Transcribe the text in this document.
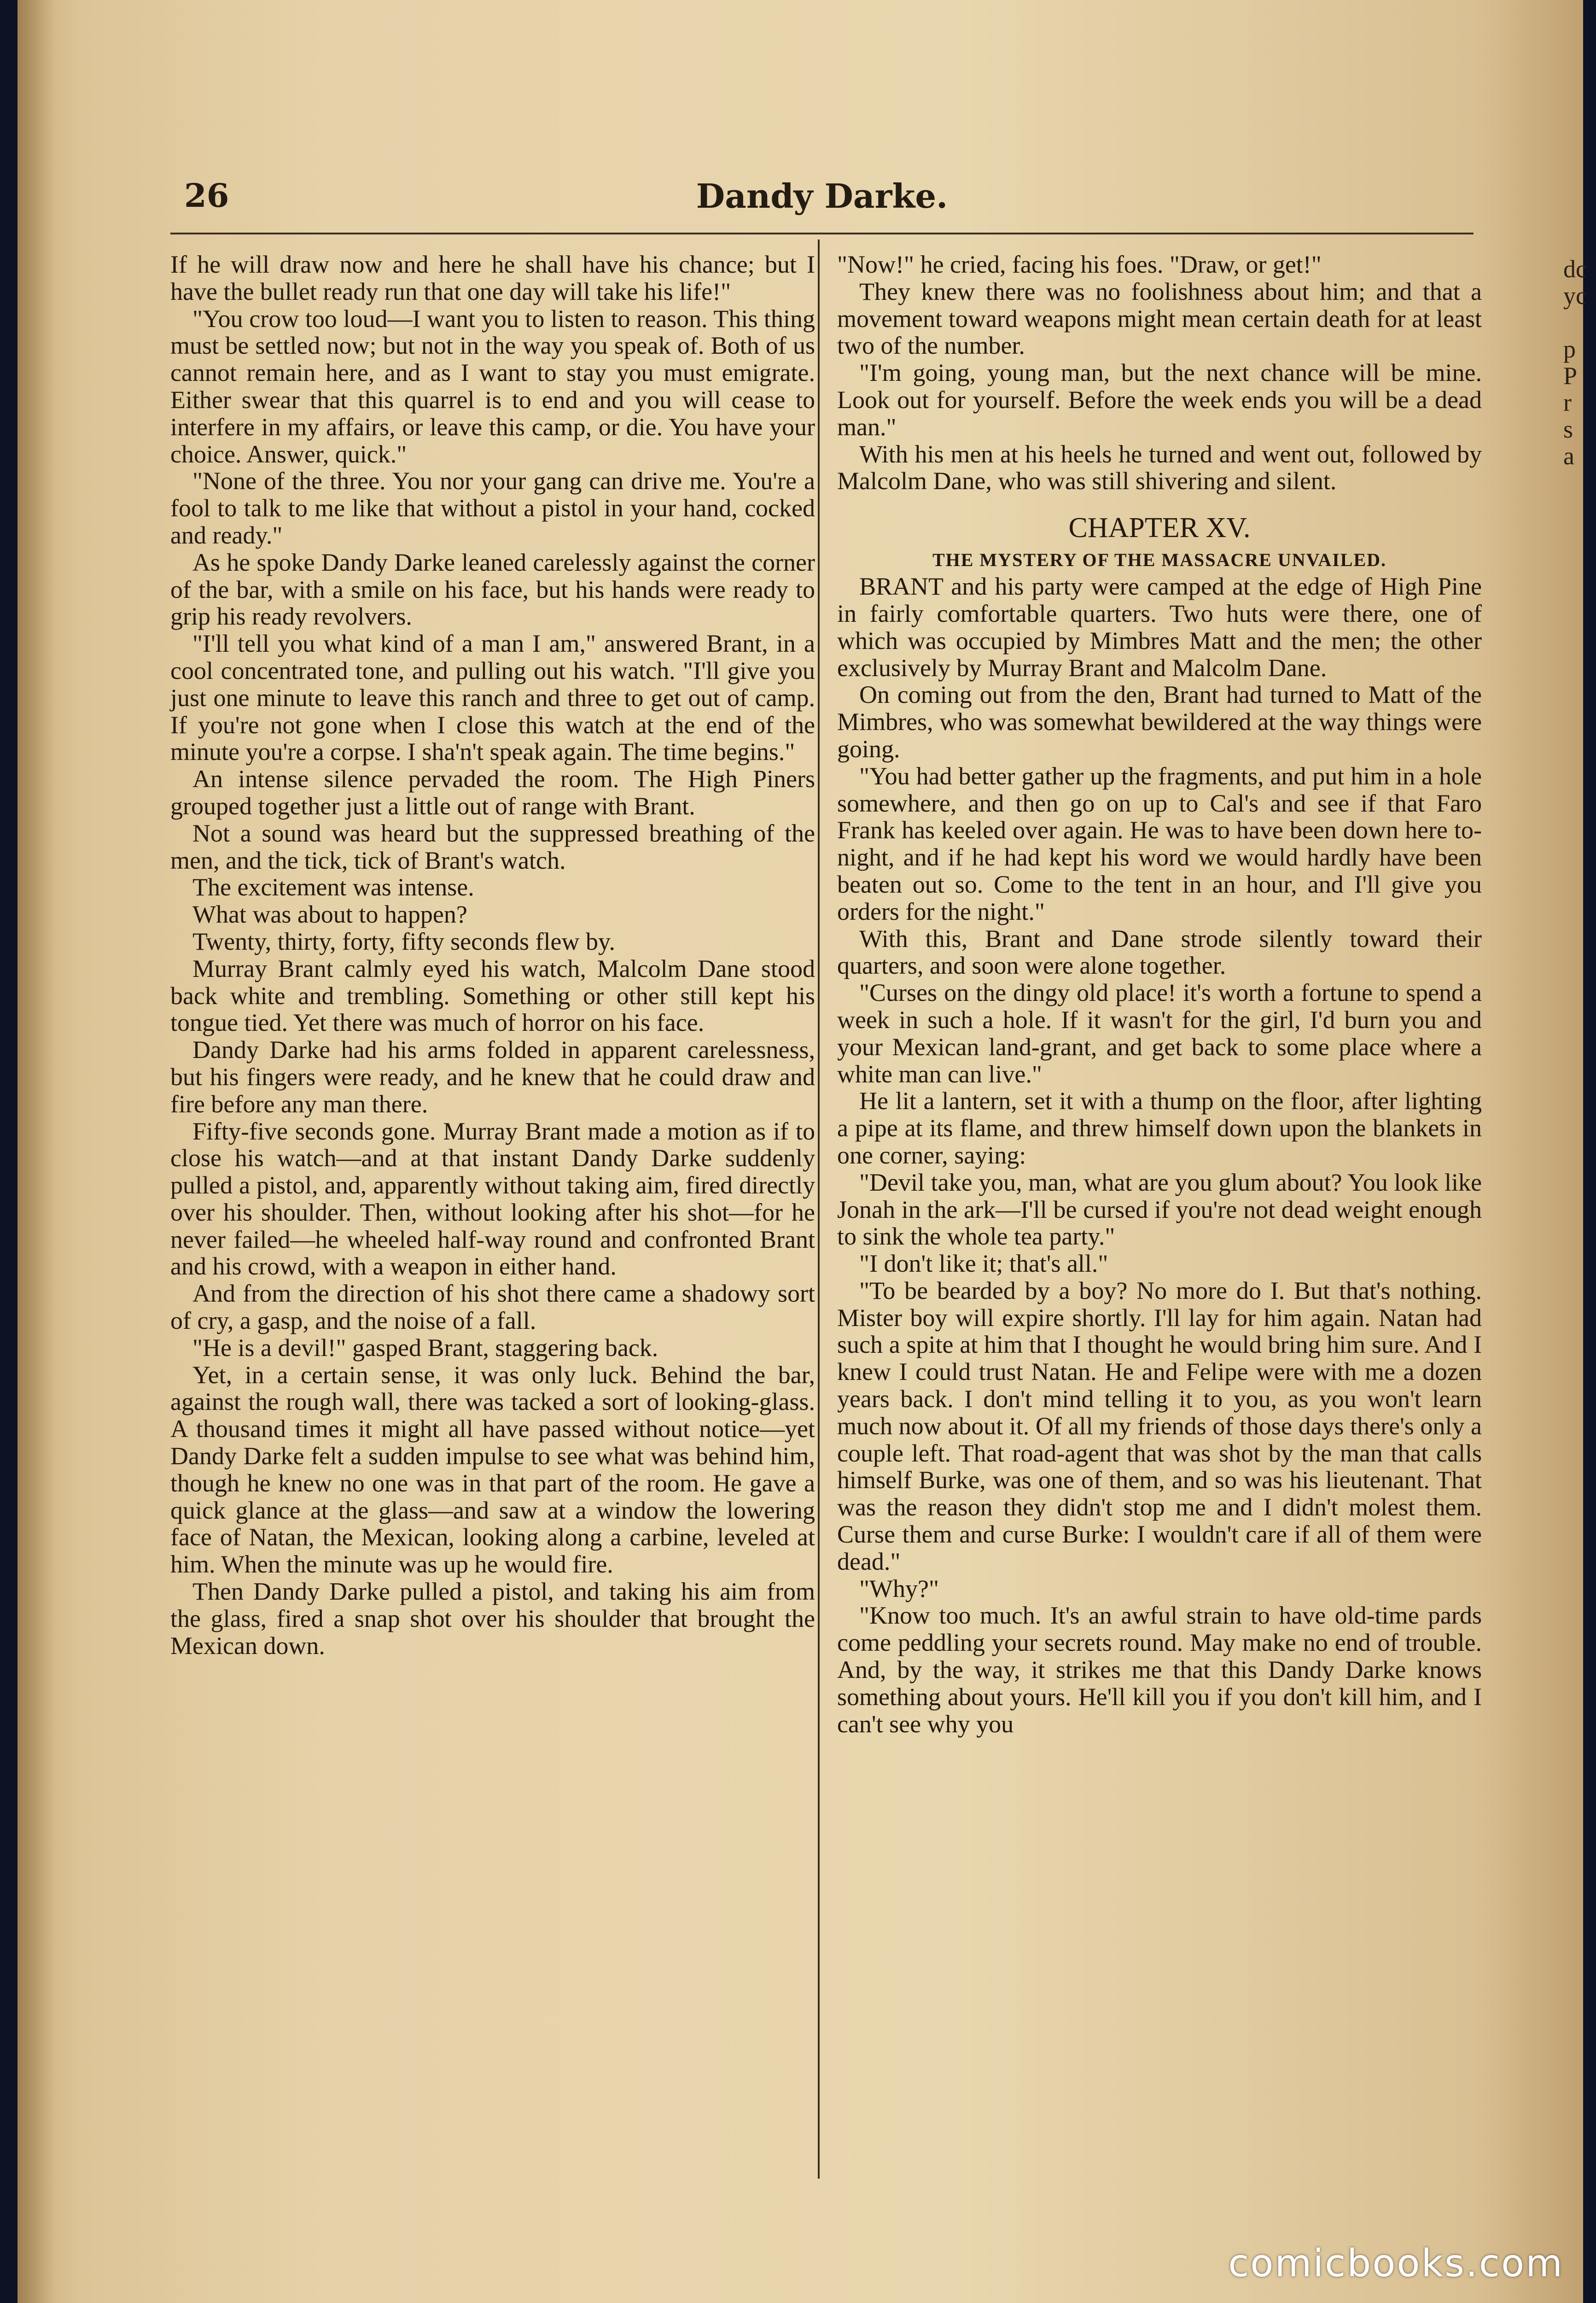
26	Dandy Darke.

If he will draw now and here he shall have his chance; but I have the bullet ready run that one day will take his life!"

"You crow too loud—I want you to listen to reason. This thing must be settled now; but not in the way you speak of. Both of us cannot remain here, and as I want to stay you must emigrate. Either swear that this quarrel is to end and you will cease to interfere in my affairs, or leave this camp, or die. You have your choice. Answer, quick."

"None of the three. You nor your gang can drive me. You're a fool to talk to me like that without a pistol in your hand, cocked and ready."

As he spoke Dandy Darke leaned carelessly against the corner of the bar, with a smile on his face, but his hands were ready to grip his ready revolvers.

"I'll tell you what kind of a man I am," answered Brant, in a cool concentrated tone, and pulling out his watch. "I'll give you just one minute to leave this ranch and three to get out of camp. If you're not gone when I close this watch at the end of the minute you're a corpse. I sha'n't speak again. The time begins."

An intense silence pervaded the room. The High Piners grouped together just a little out of range with Brant.

Not a sound was heard but the suppressed breathing of the men, and the tick, tick of Brant's watch.

The excitement was intense.

What was about to happen?

Twenty, thirty, forty, fifty seconds flew by.

Murray Brant calmly eyed his watch, Malcolm Dane stood back white and trembling. Something or other still kept his tongue tied. Yet there was much of horror on his face.

Dandy Darke had his arms folded in apparent carelessness, but his fingers were ready, and he knew that he could draw and fire before any man there.

Fifty-five seconds gone. Murray Brant made a motion as if to close his watch—and at that instant Dandy Darke suddenly pulled a pistol, and, apparently without taking aim, fired directly over his shoulder. Then, without looking after his shot—for he never failed—he wheeled half-way round and confronted Brant and his crowd, with a weapon in either hand.

And from the direction of his shot there came a shadowy sort of cry, a gasp, and the noise of a fall.

"He is a devil!" gasped Brant, staggering back.

Yet, in a certain sense, it was only luck. Behind the bar, against the rough wall, there was tacked a sort of looking-glass. A thousand times it might all have passed without notice—yet Dandy Darke felt a sudden impulse to see what was behind him, though he knew no one was in that part of the room. He gave a quick glance at the glass—and saw at a window the lowering face of Natan, the Mexican, looking along a carbine, leveled at him. When the minute was up he would fire.

Then Dandy Darke pulled a pistol, and taking his aim from the glass, fired a snap shot over his shoulder that brought the Mexican down.

"Now!" he cried, facing his foes. "Draw, or get!"

They knew there was no foolishness about him; and that a movement toward weapons might mean certain death for at least two of the number.

"I'm going, young man, but the next chance will be mine. Look out for yourself. Before the week ends you will be a dead man."

With his men at his heels he turned and went out, followed by Malcolm Dane, who was still shivering and silent.

CHAPTER XV.
THE MYSTERY OF THE MASSACRE UNVAILED.

BRANT and his party were camped at the edge of High Pine in fairly comfortable quarters. Two huts were there, one of which was occupied by Mimbres Matt and the men; the other exclusively by Murray Brant and Malcolm Dane.

On coming out from the den, Brant had turned to Matt of the Mimbres, who was somewhat bewildered at the way things were going.

"You had better gather up the fragments, and put him in a hole somewhere, and then go on up to Cal's and see if that Faro Frank has keeled over again. He was to have been down here to-night, and if he had kept his word we would hardly have been beaten out so. Come to the tent in an hour, and I'll give you orders for the night."

With this, Brant and Dane strode silently toward their quarters, and soon were alone together.

"Curses on the dingy old place! it's worth a fortune to spend a week in such a hole. If it wasn't for the girl, I'd burn you and your Mexican land-grant, and get back to some place where a white man can live."

He lit a lantern, set it with a thump on the floor, after lighting a pipe at its flame, and threw himself down upon the blankets in one corner, saying:

"Devil take you, man, what are you glum about? You look like Jonah in the ark—I'll be cursed if you're not dead weight enough to sink the whole tea party."

"I don't like it; that's all."

"To be bearded by a boy? No more do I. But that's nothing. Mister boy will expire shortly. I'll lay for him again. Natan had such a spite at him that I thought he would bring him sure. And I knew I could trust Natan. He and Felipe were with me a dozen years back. I don't mind telling it to you, as you won't learn much now about it. Of all my friends of those days there's only a couple left. That road-agent that was shot by the man that calls himself Burke, was one of them, and so was his lieutenant. That was the reason they didn't stop me and I didn't molest them. Curse them and curse Burke: I wouldn't care if all of them were dead."

"Why?"

"Know too much. It's an awful strain to have old-time pards come peddling your secrets round. May make no end of trouble. And, by the way, it strikes me that this Dandy Darke knows something about yours. He'll kill you if you don't kill him, and I can't see why you

dc
yc

p
P
r
s
a
comicbooks.com
